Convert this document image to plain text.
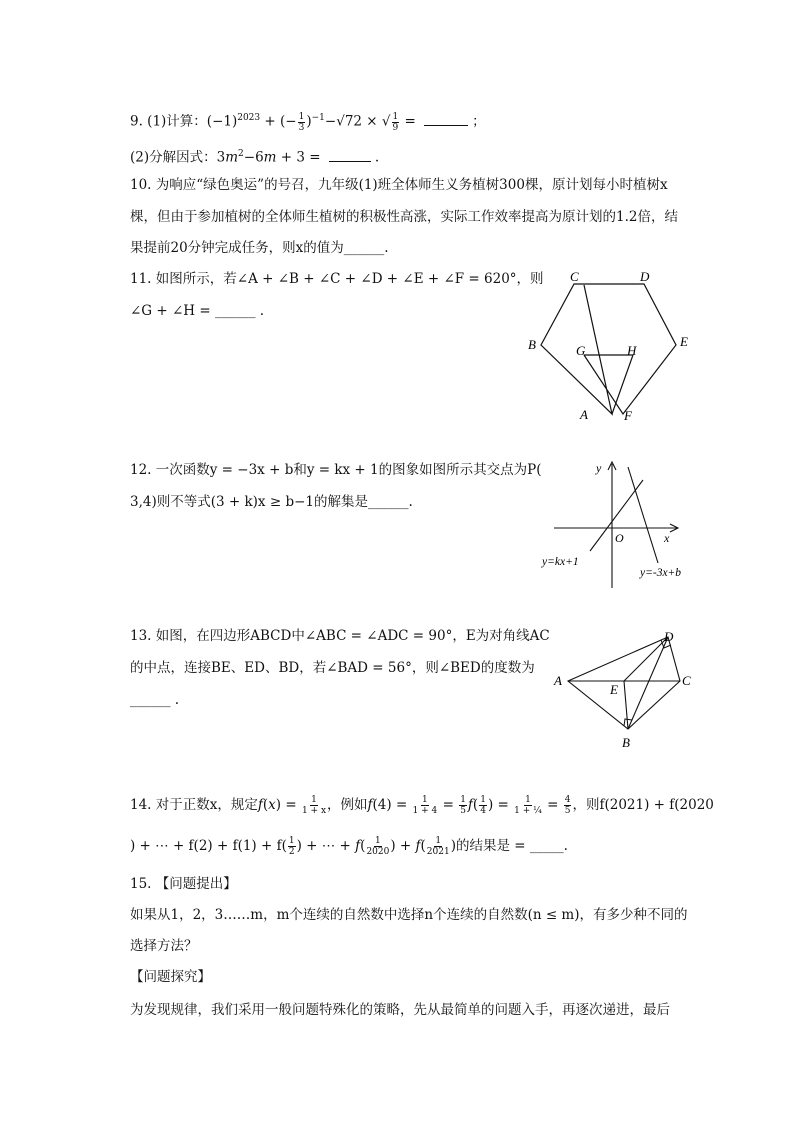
9. (1)计算：$(-1)^{2023}$ + (− $\frac{1}{3} )^{-1}-√72$ × √ $\frac{1}{9}$ =	；
(2)分解因式：$3m^2-6m + 3$ =	.
10. 为响应“绿色奥运”的号召，九年级(1)班全体师生义务植树300棵，原计划每小时植树x
棵，但由于参加植树的全体师生植树的积极性高涨，实际工作效率提高为原计划的1.2倍，结
果提前20分钟完成任务，则x的值为______.
11. 如图所示，若∠A + ∠B + ∠C + ∠D + ∠E + ∠F = 620°，则
∠G + ∠H = ______ .
C	D
B	E
G	H
A	F
12. 一次函数y = −3x + b和y = kx + 1的图象如图所示其交点为P(
3,4)则不等式(3 + k)x ≥ b−1的解集是______.
y
x
O
y=kx+1
y=-3x+b
13. 如图，在四边形ABCD中∠ABC = ∠ADC = 90°，E为对角线AC
的中点，连接BE、ED、BD，若∠BAD = 56°，则∠BED的度数为
______ .
A
D
C
E
B
14. 对于正数x，规定$f(x) = \frac{1}{1 + x}$ ，例如$f(4) = \frac{1}{1 + 4} = \frac{1}{5} f( \frac{1}{4}$ ) = $\frac{1}{\text{1 + ¼}} = \frac{4}{5}$ ，则f(2021) + f(2020
) + ⋯ + $f(2) + f(1) + f( \frac{1}{2}$ ) + ⋯ + $f( \frac{1}{2020}$ ) + $f( \frac{1}{2021}$ )的结果是 = _____.
15. 【问题提出】
如果从1，2，3……m，m个连续的自然数中选择n个连续的自然数(n ≤ m)，有多少种不同的
选择方法？
【问题探究】
为发现规律，我们采用一般问题特殊化的策略，先从最简单的问题入手，再逐次递进，最后
